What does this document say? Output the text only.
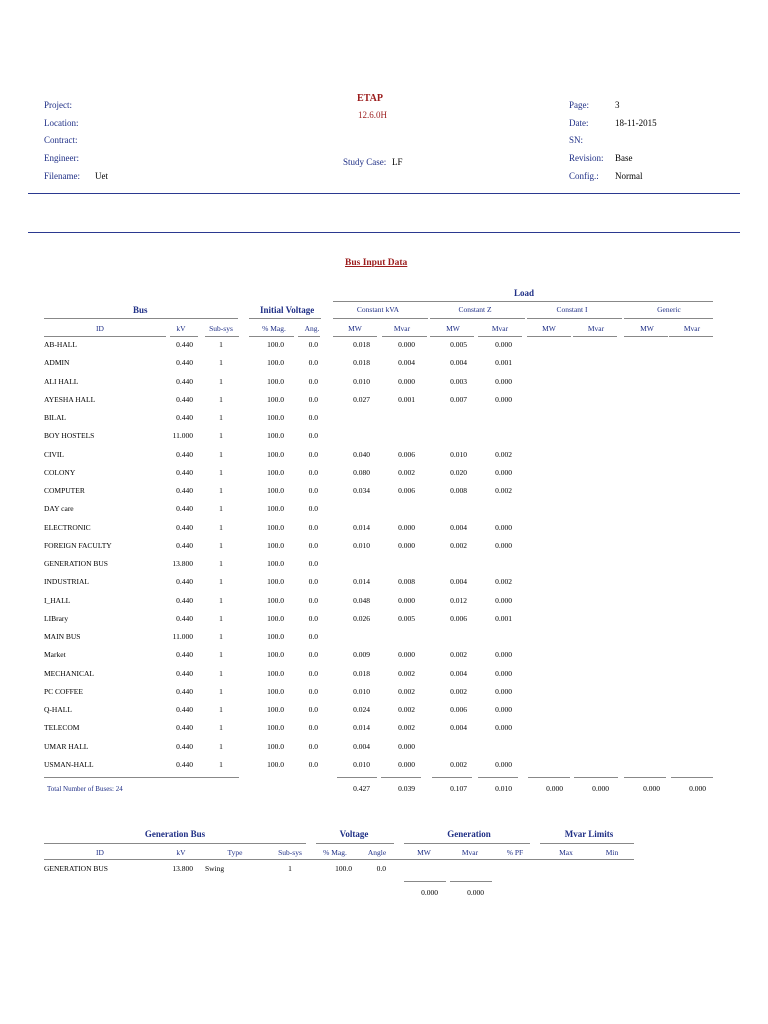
Project:
Location:
Contract:
Engineer:
Filename: Uet
ETAP
12.6.0H
Study Case: LF
Page:	3
Date:	18-11-2015
SN:
Revision: Base
Config.: Normal
Bus Input Data
Load
Bus	Initial Voltage	Constant kVA	Constant Z	Constant I	Generic
ID	kV	Sub-sys	% Mag.	Ang.	MW	Mvar	MW	Mvar	MW	Mvar	MW	Mvar
AB-HALL	0.440	1	100.0	0.0	0.018	0.000	0.005	0.000
ADMIN	0.440	1	100.0	0.0	0.018	0.004	0.004	0.001
ALI HALL	0.440	1	100.0	0.0	0.010	0.000	0.003	0.000
AYESHA HALL	0.440	1	100.0	0.0	0.027	0.001	0.007	0.000
BILAL	0.440	1	100.0	0.0
BOY HOSTELS	11.000	1	100.0	0.0
CIVIL	0.440	1	100.0	0.0	0.040	0.006	0.010	0.002
COLONY	0.440	1	100.0	0.0	0.080	0.002	0.020	0.000
COMPUTER	0.440	1	100.0	0.0	0.034	0.006	0.008	0.002
DAY care	0.440	1	100.0	0.0
ELECTRONIC	0.440	1	100.0	0.0	0.014	0.000	0.004	0.000
FOREIGN FACULTY	0.440	1	100.0	0.0	0.010	0.000	0.002	0.000
GENERATION BUS	13.800	1	100.0	0.0
INDUSTRIAL	0.440	1	100.0	0.0	0.014	0.008	0.004	0.002
I_HALL	0.440	1	100.0	0.0	0.048	0.000	0.012	0.000
LIBrary	0.440	1	100.0	0.0	0.026	0.005	0.006	0.001
MAIN BUS	11.000	1	100.0	0.0
Market	0.440	1	100.0	0.0	0.009	0.000	0.002	0.000
MECHANICAL	0.440	1	100.0	0.0	0.018	0.002	0.004	0.000
PC COFFEE	0.440	1	100.0	0.0	0.010	0.002	0.002	0.000
Q-HALL	0.440	1	100.0	0.0	0.024	0.002	0.006	0.000
TELECOM	0.440	1	100.0	0.0	0.014	0.002	0.004	0.000
UMAR HALL	0.440	1	100.0	0.0	0.004	0.000
USMAN-HALL	0.440	1	100.0	0.0	0.010	0.000	0.002	0.000
Total Number of Buses: 24	0.427	0.039	0.107	0.010	0.000	0.000	0.000	0.000
Generation Bus	Voltage	Generation	Mvar Limits
ID	kV	Type	Sub-sys	% Mag.	Angle	MW	Mvar	% PF	Max	Min
GENERATION BUS	13.800 Swing	1	100.0	0.0
0.000	0.000
